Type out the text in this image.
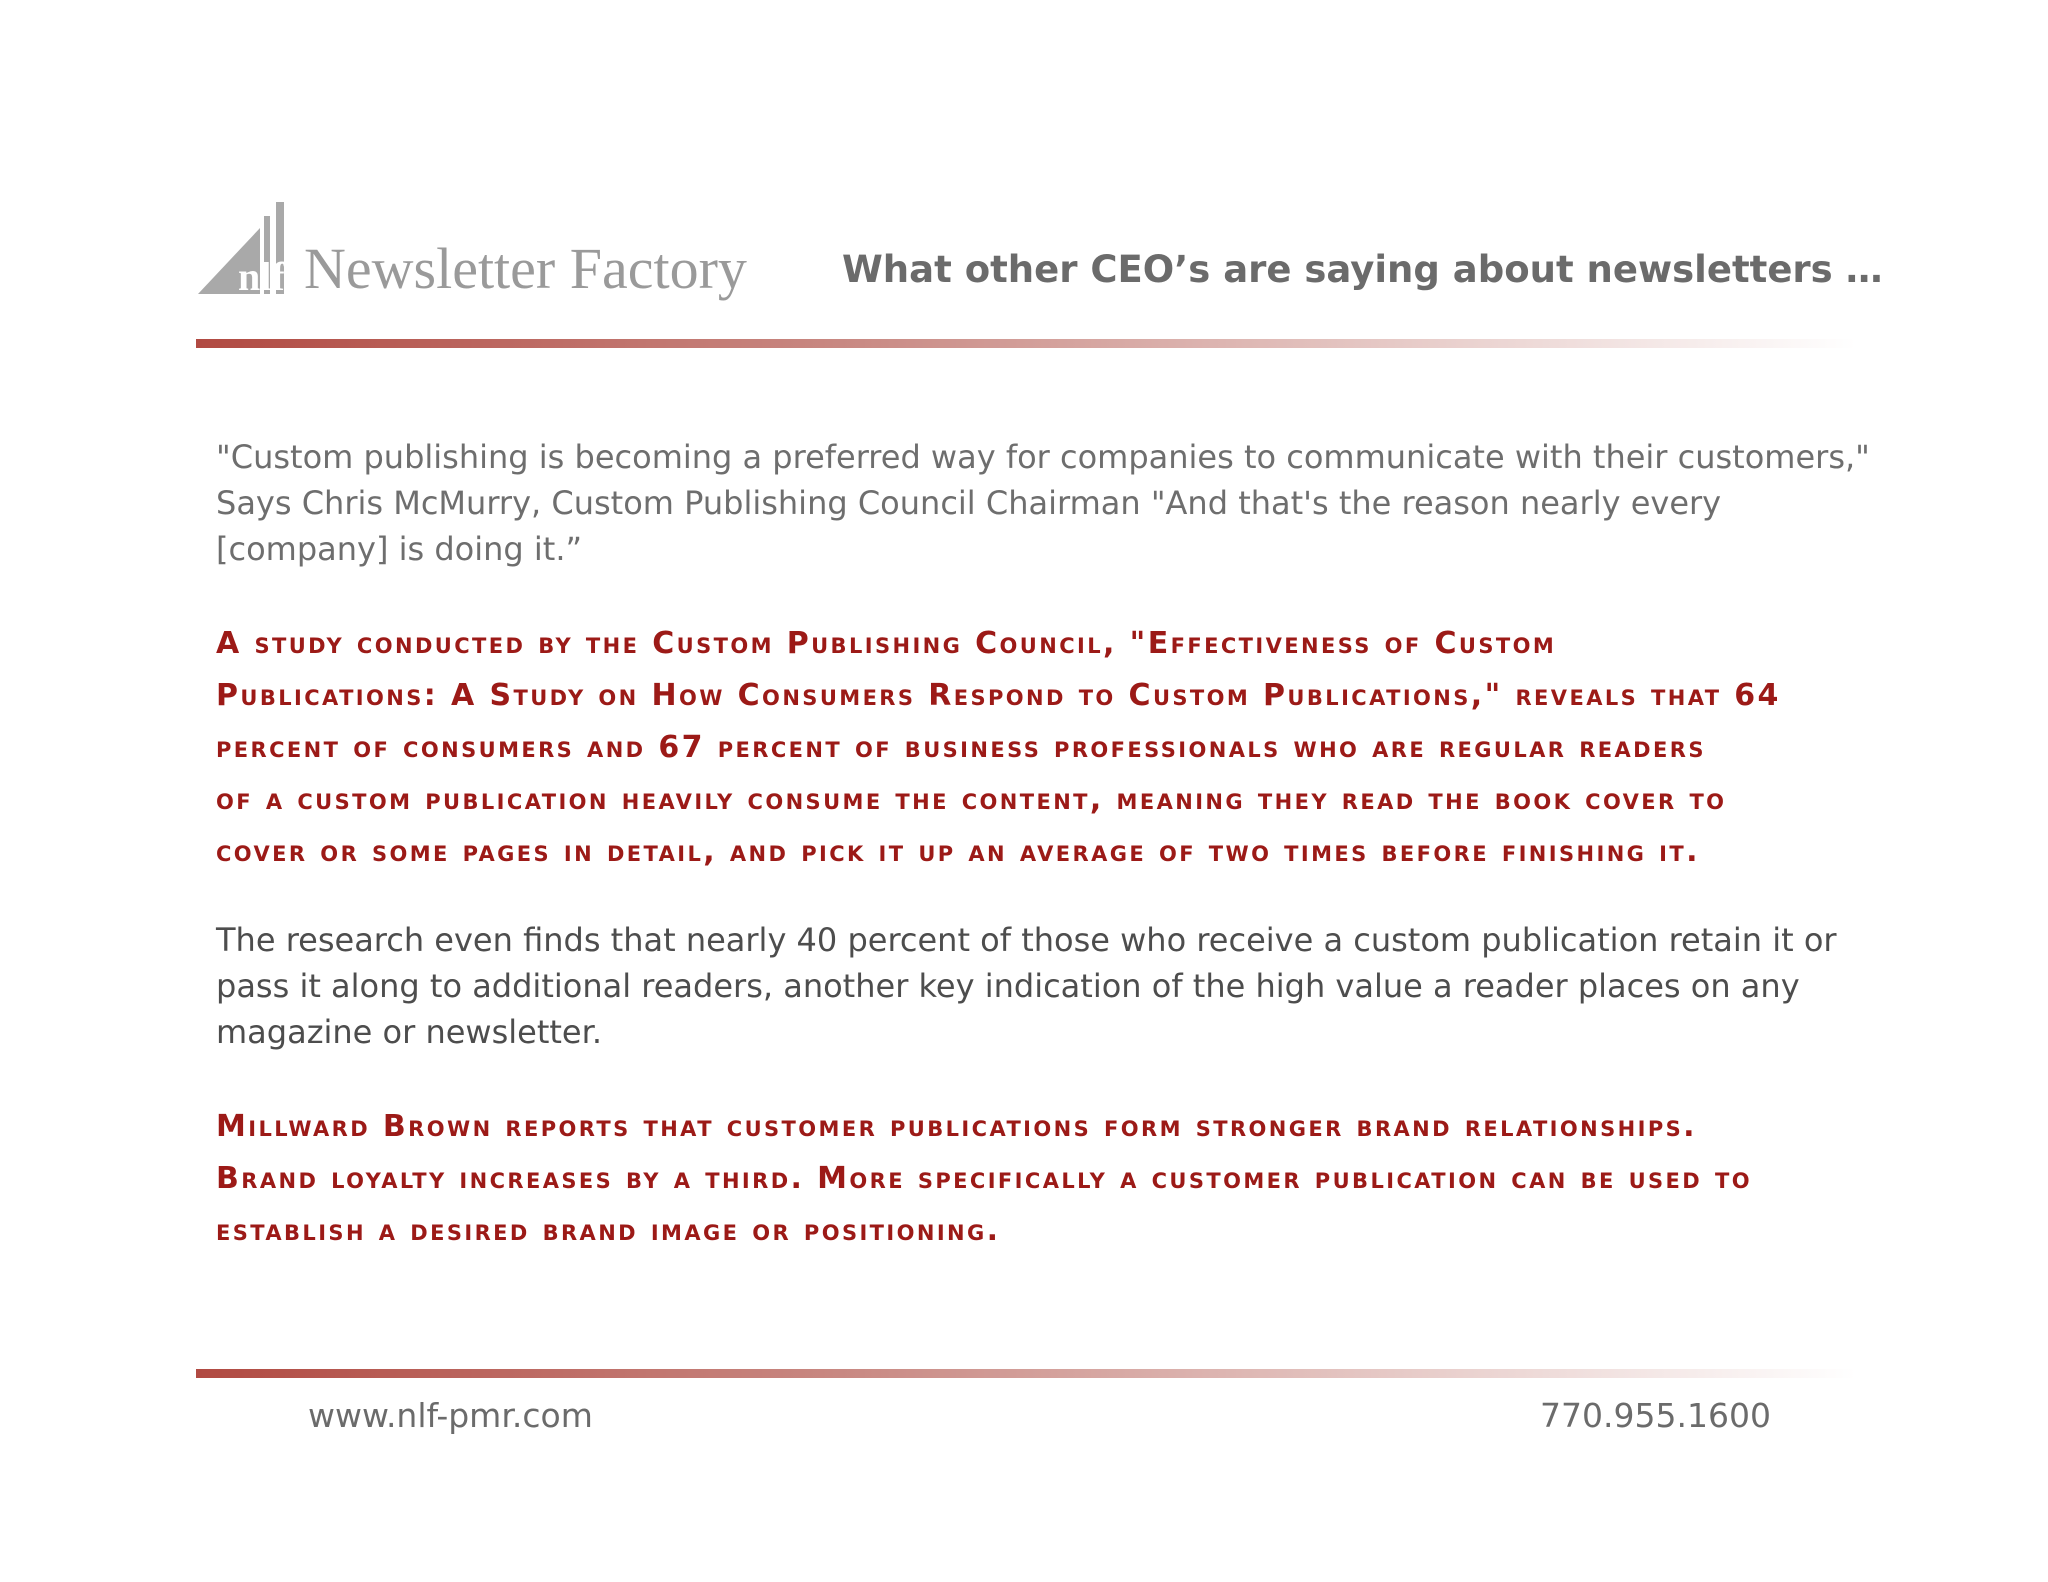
nlf Newsletter Factory	What other CEO’s are saying about newsletters …
"Custom publishing is becoming a preferred way for companies to communicate with their customers,"
Says Chris McMurry, Custom Publishing Council Chairman "And that's the reason nearly every
[company] is doing it.”
A study conducted by the Custom Publishing Council, "Effectiveness of Custom
Publications: A Study on How Consumers Respond to Custom Publications," reveals that 64
percent of consumers and 67 percent of business professionals who are regular readers
of a custom publication heavily consume the content, meaning they read the book cover to
cover or some pages in detail, and pick it up an average of two times before finishing it.
The research even finds that nearly 40 percent of those who receive a custom publication retain it or
pass it along to additional readers, another key indication of the high value a reader places on any
magazine or newsletter.
Millward Brown reports that customer publications form stronger brand relationships.
Brand loyalty increases by a third. More specifically a customer publication can be used to
establish a desired brand image or positioning.
www.nlf-pmr.com	770.955.1600
